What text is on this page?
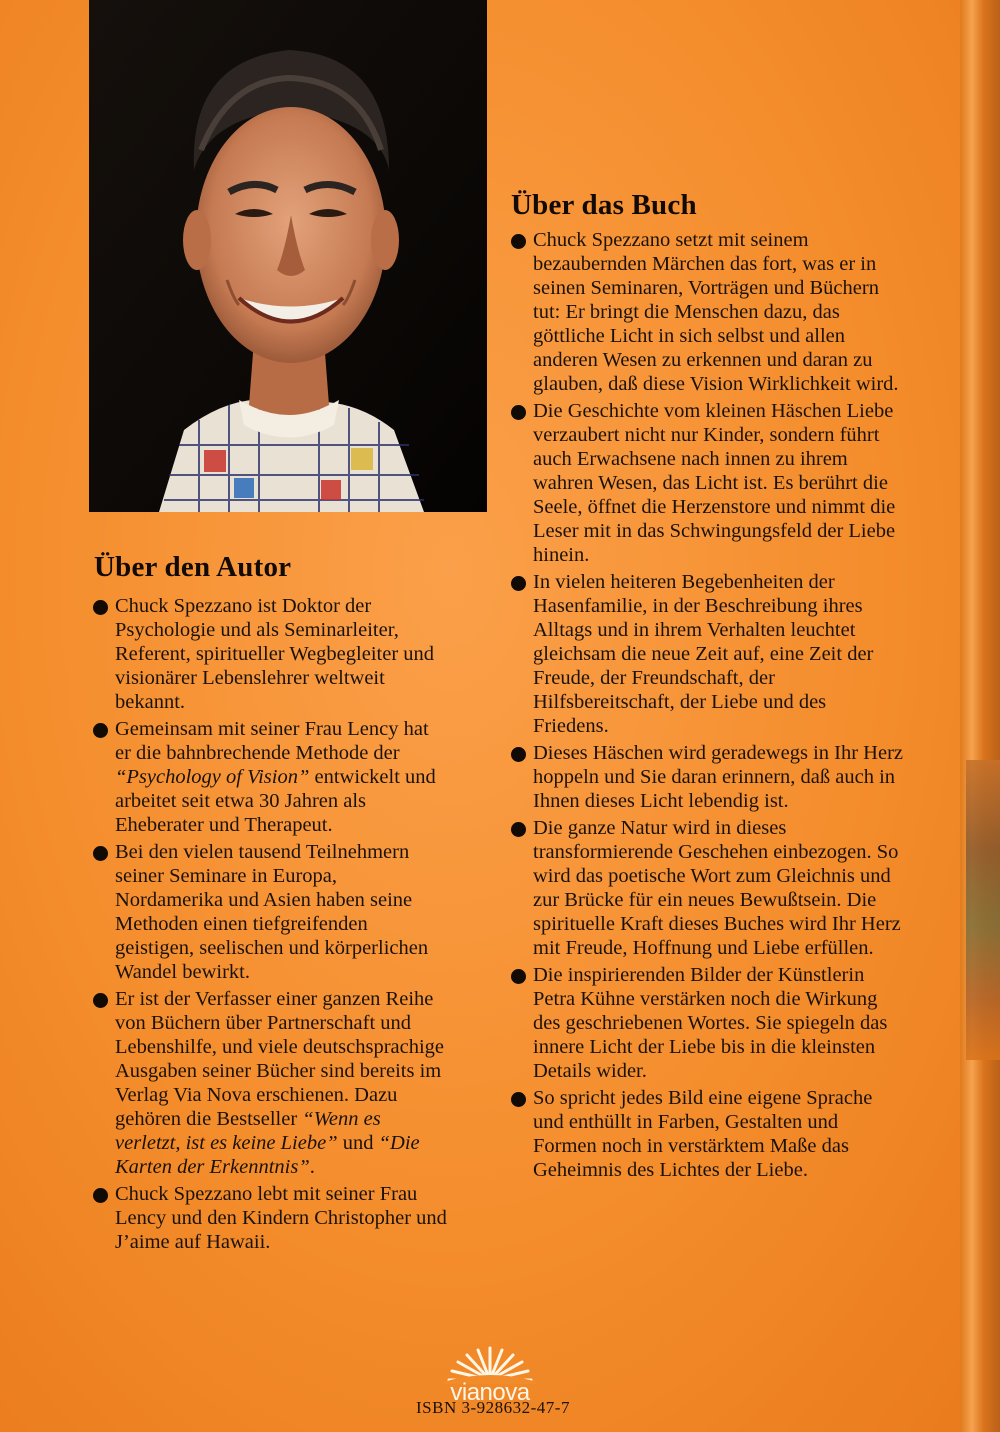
Über den Autor
Chuck Spezzano ist Doktor der Psychologie und als Seminarleiter, Referent, spiritueller Wegbegleiter und visionärer Lebenslehrer weltweit bekannt.
Gemeinsam mit seiner Frau Lency hat er die bahnbrechende Methode der “Psychology of Vision” entwickelt und arbeitet seit etwa 30 Jahren als Eheberater und Therapeut.
Bei den vielen tausend Teilnehmern seiner Seminare in Europa, Nordamerika und Asien haben seine Methoden einen tiefgreifenden geistigen, seelischen und körperlichen Wandel bewirkt.
Er ist der Verfasser einer ganzen Reihe von Büchern über Partnerschaft und Lebenshilfe, und viele deutschsprachige Ausgaben seiner Bücher sind bereits im Verlag Via Nova erschienen. Dazu gehören die Bestseller “Wenn es verletzt, ist es keine Liebe” und “Die Karten der Erkenntnis”.
Chuck Spezzano lebt mit seiner Frau Lency und den Kindern Christopher und J’aime auf Hawaii.
Über das Buch
Chuck Spezzano setzt mit seinem bezaubernden Märchen das fort, was er in seinen Seminaren, Vorträgen und Büchern tut: Er bringt die Menschen dazu, das göttliche Licht in sich selbst und allen anderen Wesen zu erkennen und daran zu glauben, daß diese Vision Wirklichkeit wird.
Die Geschichte vom kleinen Häschen Liebe verzaubert nicht nur Kinder, sondern führt auch Erwachsene nach innen zu ihrem wahren Wesen, das Licht ist. Es berührt die Seele, öffnet die Herzenstore und nimmt die Leser mit in das Schwingungsfeld der Liebe hinein.
In vielen heiteren Begebenheiten der Hasenfamilie, in der Beschreibung ihres Alltags und in ihrem Verhalten leuchtet gleichsam die neue Zeit auf, eine Zeit der Freude, der Freundschaft, der Hilfsbereitschaft, der Liebe und des Friedens.
Dieses Häschen wird geradewegs in Ihr Herz hoppeln und Sie daran erinnern, daß auch in Ihnen dieses Licht lebendig ist.
Die ganze Natur wird in dieses transformierende Geschehen einbezogen. So wird das poetische Wort zum Gleichnis und zur Brücke für ein neues Bewußtsein. Die spirituelle Kraft dieses Buches wird Ihr Herz mit Freude, Hoffnung und Liebe erfüllen.
Die inspirierenden Bilder der Künstlerin Petra Kühne verstärken noch die Wirkung des geschriebenen Wortes. Sie spiegeln das innere Licht der Liebe bis in die kleinsten Details wider.
So spricht jedes Bild eine eigene Sprache und enthüllt in Farben, Gestalten und Formen noch in verstärktem Maße das Geheimnis des Lichtes der Liebe.
vianova
ISBN 3-928632-47-7
